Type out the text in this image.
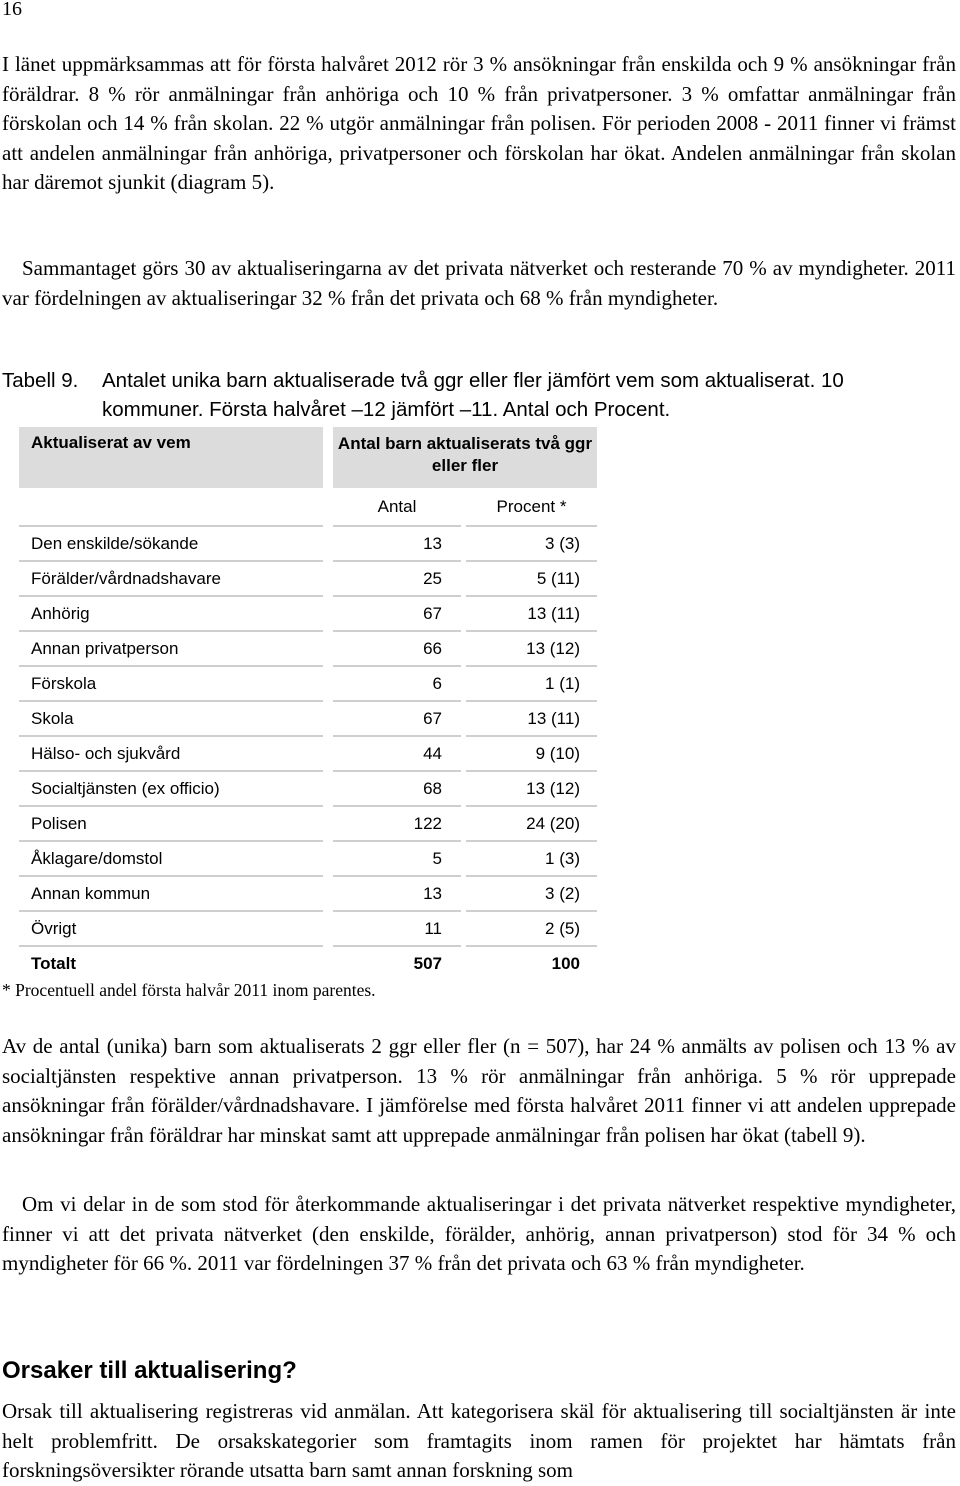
16

I länet uppmärksammas att för första halvåret 2012 rör 3 % ansökningar från enskilda och 9 % ansökningar från föräldrar. 8 % rör anmälningar från anhöriga och 10 % från privatpersoner. 3 % omfattar anmälningar från förskolan och 14 % från skolan. 22 % utgör anmälningar från polisen. För perioden 2008 - 2011 finner vi främst att andelen anmälningar från anhöriga, privatpersoner och förskolan har ökat. Andelen anmälningar från skolan har däremot sjunkit (diagram 5).

Sammantaget görs 30 av aktualiseringarna av det privata nätverket och resterande 70 % av myndigheter. 2011 var fördelningen av aktualiseringar 32 % från det privata och 68 % från myndigheter.

Tabell 9. Antalet unika barn aktualiserade två ggr eller fler jämfört vem som aktualiserat. 10
kommuner. Första halvåret –12 jämfört –11. Antal och Procent.
Aktualiserat av vem		Antal barn aktualiserats två ggr eller fler		
		Antal		Procent *
Den enskilde/sökande		13		3 (3)
Förälder/vårdnadshavare		25		5 (11)
Anhörig		67		13 (11)
Annan privatperson		66		13 (12)
Förskola		6		1 (1)
Skola		67		13 (11)
Hälso- och sjukvård		44		9 (10)
Socialtjänsten (ex officio)		68		13 (12)
Polisen		122		24 (20)
Åklagare/domstol		5		1 (3)
Annan kommun		13		3 (2)
Övrigt		11		2 (5)
Totalt		507		100
* Procentuell andel första halvår 2011 inom parentes.

Av de antal (unika) barn som aktualiserats 2 ggr eller fler (n = 507), har 24 % anmälts av polisen och 13 % av socialtjänsten respektive annan privatperson. 13 % rör anmälningar från anhöriga. 5 % rör upprepade ansökningar från förälder/vårdnadshavare. I jämförelse med första halvåret 2011 finner vi att andelen upprepade ansökningar från föräldrar har minskat samt att upprepade anmälningar från polisen har ökat (tabell 9).

Om vi delar in de som stod för återkommande aktualiseringar i det privata nätverket respektive myndigheter, finner vi att det privata nätverket (den enskilde, förälder, anhörig, annan privatperson) stod för 34 % och myndigheter för 66 %. 2011 var fördelningen 37 % från det privata och 63 % från myndigheter.

Orsaker till aktualisering?

Orsak till aktualisering registreras vid anmälan. Att kategorisera skäl för aktualisering till socialtjänsten är inte helt problemfritt. De orsakskategorier som framtagits inom ramen för projektet har hämtats från forskningsöversikter rörande utsatta barn samt annan forskning som
